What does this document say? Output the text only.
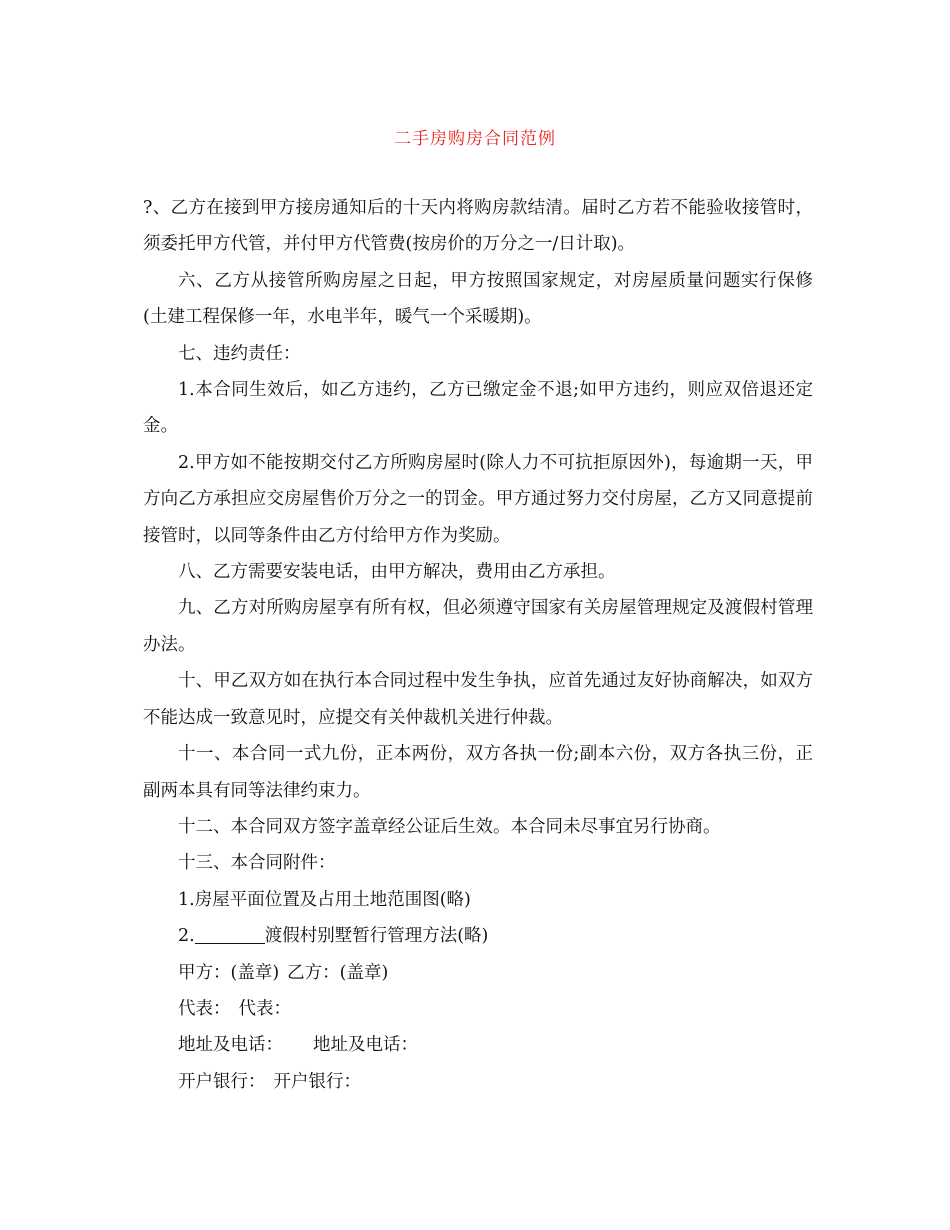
二手房购房合同范例

?、乙方在接到甲方接房通知后的十天内将购房款结清。届时乙方若不能验收接管时，须委托甲方代管，并付甲方代管费(按房价的万分之一/日计取)。

六、乙方从接管所购房屋之日起，甲方按照国家规定，对房屋质量问题实行保修(土建工程保修一年，水电半年，暖气一个采暖期)。

七、违约责任：

1.本合同生效后，如乙方违约，乙方已缴定金不退;如甲方违约，则应双倍退还定金。

2.甲方如不能按期交付乙方所购房屋时(除人力不可抗拒原因外)，每逾期一天，甲方向乙方承担应交房屋售价万分之一的罚金。甲方通过努力交付房屋，乙方又同意提前接管时，以同等条件由乙方付给甲方作为奖励。

八、乙方需要安装电话，由甲方解决，费用由乙方承担。

九、乙方对所购房屋享有所有权，但必须遵守国家有关房屋管理规定及渡假村管理办法。

十、甲乙双方如在执行本合同过程中发生争执，应首先通过友好协商解决，如双方不能达成一致意见时，应提交有关仲裁机关进行仲裁。

十一、本合同一式九份，正本两份，双方各执一份;副本六份，双方各执三份，正副两本具有同等法律约束力。

十二、本合同双方签字盖章经公证后生效。本合同未尽事宜另行协商。

十三、本合同附件：

1.房屋平面位置及占用土地范围图(略)

2.	渡假村别墅暂行管理方法(略)

甲方：(盖章) 乙方：(盖章)

代表： 代表：

地址及电话： 地址及电话：

开户银行： 开户银行：
